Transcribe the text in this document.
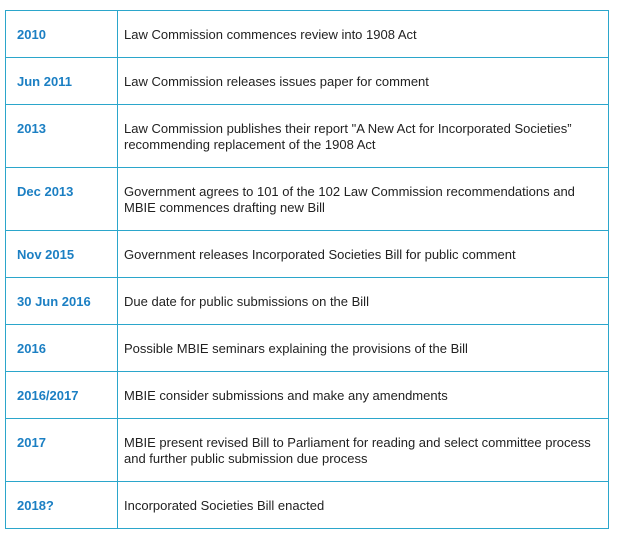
2010	Law Commission commences review into 1908 Act
Jun 2011	Law Commission releases issues paper for comment
2013	Law Commission publishes their report "A New Act for Incorporated Societies” recommending replacement of the 1908 Act
Dec 2013	Government agrees to 101 of the 102 Law Commission recommendations and MBIE commences drafting new Bill
Nov 2015	Government releases Incorporated Societies Bill for public comment
30 Jun 2016	Due date for public submissions on the Bill
2016	Possible MBIE seminars explaining the provisions of the Bill
2016/2017	MBIE consider submissions and make any amendments
2017	MBIE present revised Bill to Parliament for reading and select committee process and further public submission due process
2018?	Incorporated Societies Bill enacted
